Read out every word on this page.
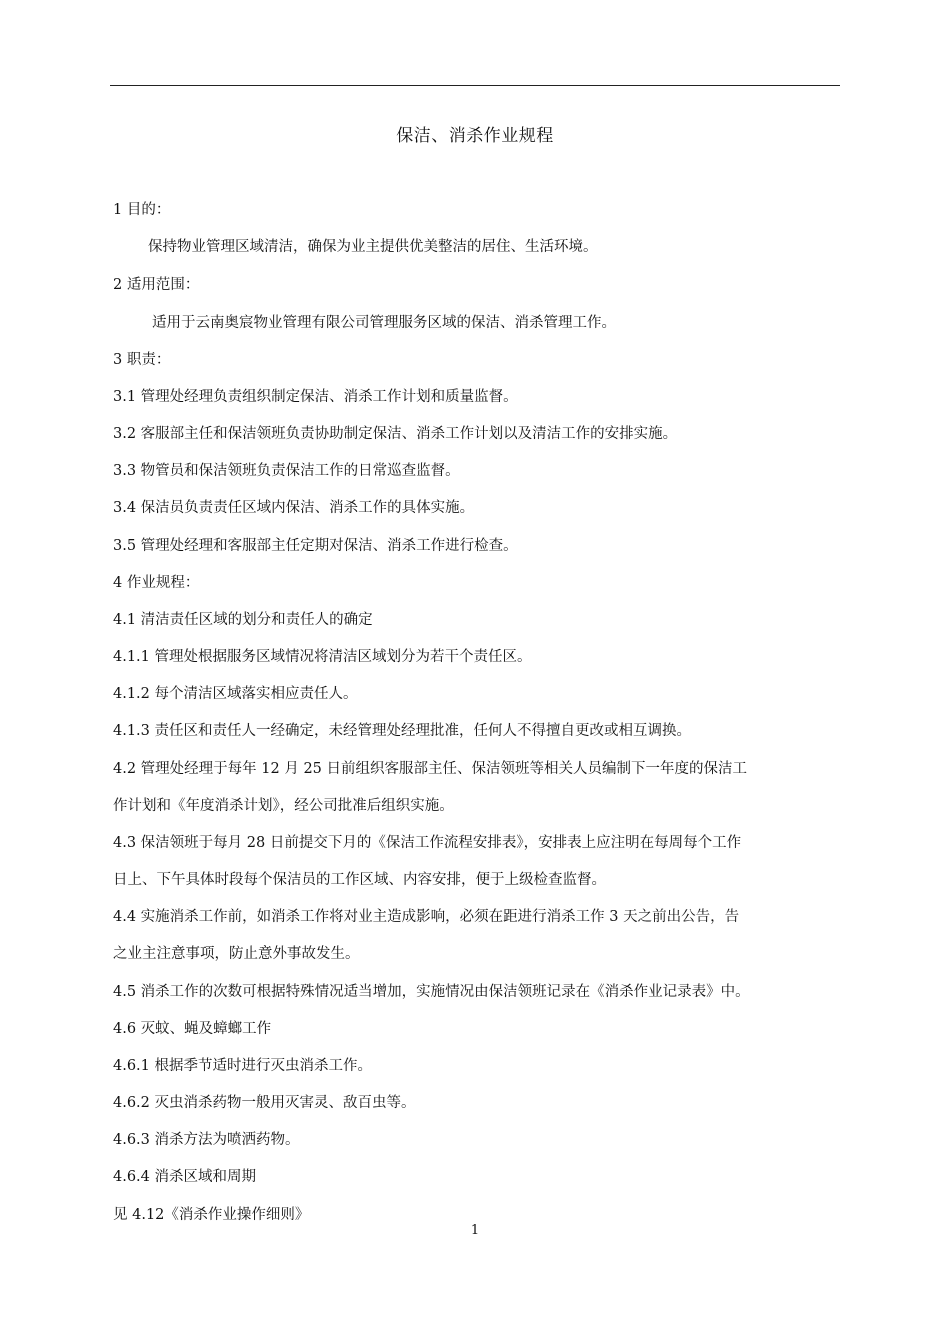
保洁、消杀作业规程
1 目的：
保持物业管理区域清洁，确保为业主提供优美整洁的居住、生活环境。
2 适用范围：
适用于云南奥宸物业管理有限公司管理服务区域的保洁、消杀管理工作。
3 职责：
3.1 管理处经理负责组织制定保洁、消杀工作计划和质量监督。
3.2 客服部主任和保洁领班负责协助制定保洁、消杀工作计划以及清洁工作的安排实施。
3.3 物管员和保洁领班负责保洁工作的日常巡查监督。
3.4 保洁员负责责任区域内保洁、消杀工作的具体实施。
3.5 管理处经理和客服部主任定期对保洁、消杀工作进行检查。
4 作业规程：
4.1 清洁责任区域的划分和责任人的确定
4.1.1 管理处根据服务区域情况将清洁区域划分为若干个责任区。
4.1.2 每个清洁区域落实相应责任人。
4.1.3 责任区和责任人一经确定，未经管理处经理批准，任何人不得擅自更改或相互调换。
4.2 管理处经理于每年 12 月 25 日前组织客服部主任、保洁领班等相关人员编制下一年度的保洁工
作计划和《年度消杀计划》，经公司批准后组织实施。
4.3 保洁领班于每月 28 日前提交下月的《保洁工作流程安排表》，安排表上应注明在每周每个工作
日上、下午具体时段每个保洁员的工作区域、内容安排，便于上级检查监督。
4.4 实施消杀工作前，如消杀工作将对业主造成影响，必须在距进行消杀工作 3 天之前出公告，告
之业主注意事项，防止意外事故发生。
4.5 消杀工作的次数可根据特殊情况适当增加，实施情况由保洁领班记录在《消杀作业记录表》中。
4.6 灭蚊、蝇及蟑螂工作
4.6.1 根据季节适时进行灭虫消杀工作。
4.6.2 灭虫消杀药物一般用灭害灵、敌百虫等。
4.6.3 消杀方法为喷洒药物。
4.6.4 消杀区域和周期
见 4.12《消杀作业操作细则》
1
